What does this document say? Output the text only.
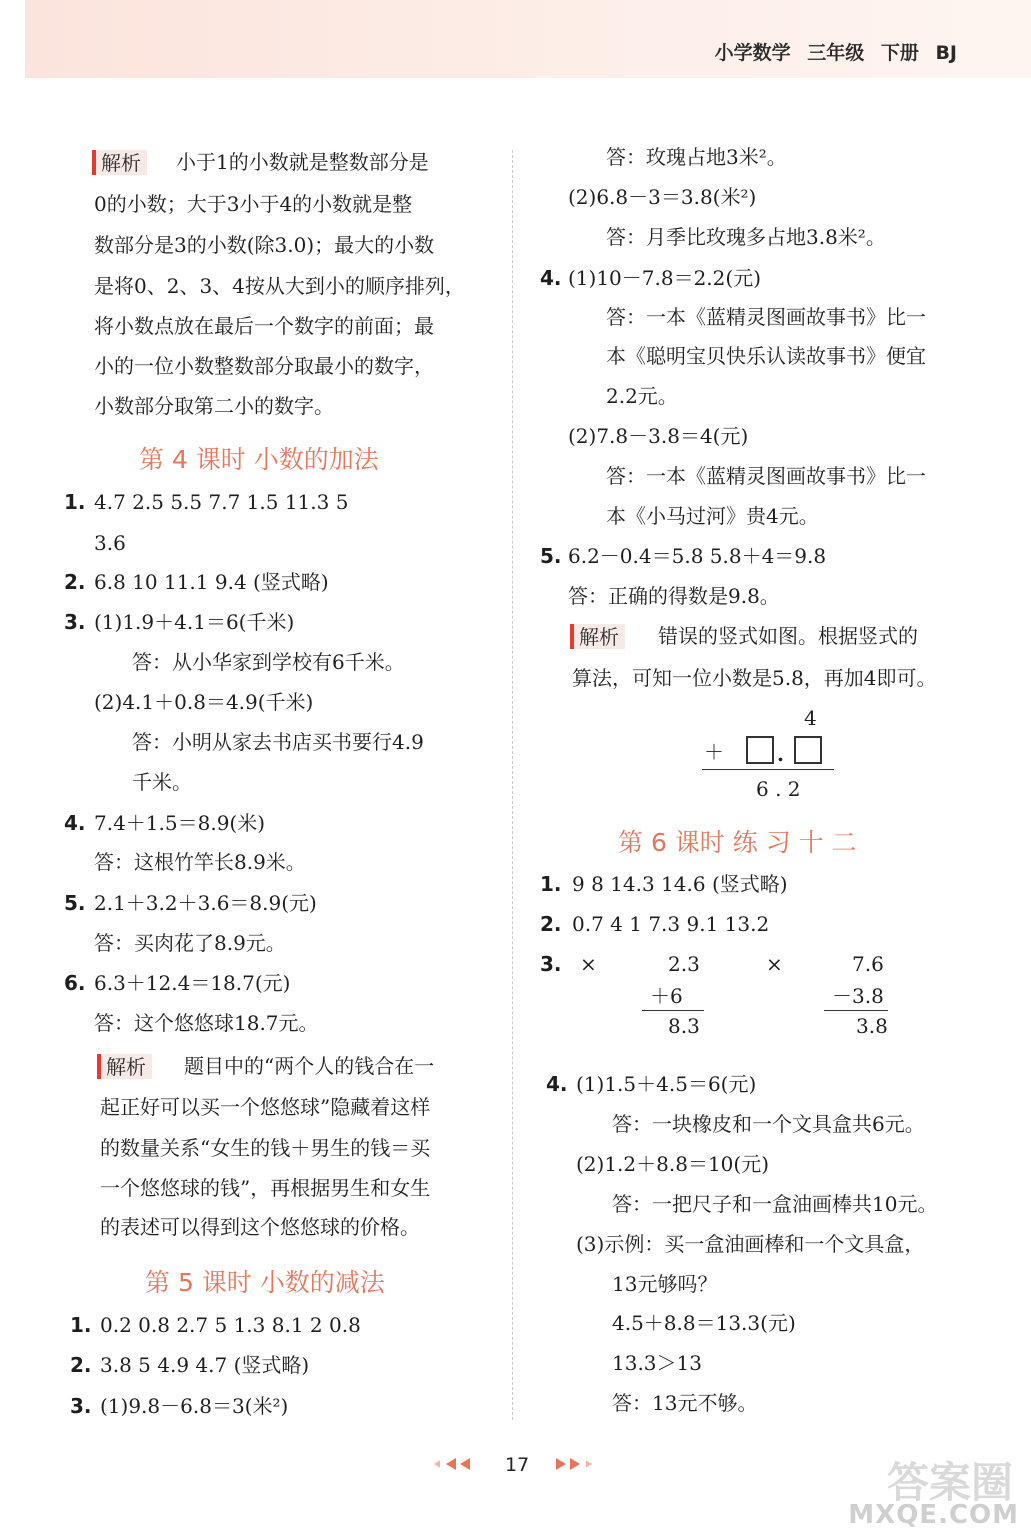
小学数学 三年级 下册 BJ
解析	小于1的小数就是整数部分是
0的小数；大于3小于4的小数就是整
数部分是3的小数(除3.0)；最大的小数
是将0、2、3、4按从大到小的顺序排列，
将小数点放在最后一个数字的前面；最
小的一位小数整数部分取最小的数字，
小数部分取第二小的数字。
第 4 课时 小数的加法
1. 4.7 2.5 5.5 7.7 1.5 11.3 5
3.6
2. 6.8 10 11.1 9.4 (竖式略)
3. (1)1.9＋4.1＝6(千米)
答：从小华家到学校有6千米。
(2)4.1＋0.8＝4.9(千米)
答：小明从家去书店买书要行4.9
千米。
4. 7.4＋1.5＝8.9(米)
答：这根竹竿长8.9米。
5. 2.1＋3.2＋3.6＝8.9(元)
答：买肉花了8.9元。
6. 6.3＋12.4＝18.7(元)
答：这个悠悠球18.7元。
解析	题目中的“两个人的钱合在一
起正好可以买一个悠悠球”隐藏着这样
的数量关系“女生的钱＋男生的钱＝买
一个悠悠球的钱”，再根据男生和女生
的表述可以得到这个悠悠球的价格。
第 5 课时 小数的减法
1. 0.2 0.8 2.7 5 1.3 8.1 2 0.8
2. 3.8 5 4.9 4.7 (竖式略)
3. (1)9.8－6.8＝3(米²)
答：玫瑰占地3米²。
(2)6.8－3＝3.8(米²)
答：月季比玫瑰多占地3.8米²。
4. (1)10－7.8＝2.2(元)
答：一本《蓝精灵图画故事书》比一
本《聪明宝贝快乐认读故事书》便宜
2.2元。
(2)7.8－3.8＝4(元)
答：一本《蓝精灵图画故事书》比一
本《小马过河》贵4元。
5. 6.2－0.4＝5.8 5.8＋4＝9.8
答：正确的得数是9.8。
解析	错误的竖式如图。根据竖式的
算法，可知一位小数是5.8，再加4即可。
4
＋	.
6 . 2
第 6 课时 练 习 十 二
1. 9 8 14.3 14.6 (竖式略)
2. 0.7 4 1 7.3 9.1 13.2
3. ×	2.3
＋6
8.3
×	7.6
－3.8
3.8
4. (1)1.5＋4.5＝6(元)
答：一块橡皮和一个文具盒共6元。
(2)1.2＋8.8＝10(元)
答：一把尺子和一盒油画棒共10元。
(3)示例：买一盒油画棒和一个文具盒，
13元够吗？
4.5＋8.8＝13.3(元)
13.3＞13
答：13元不够。
17	答案圈
MXQE.COM
